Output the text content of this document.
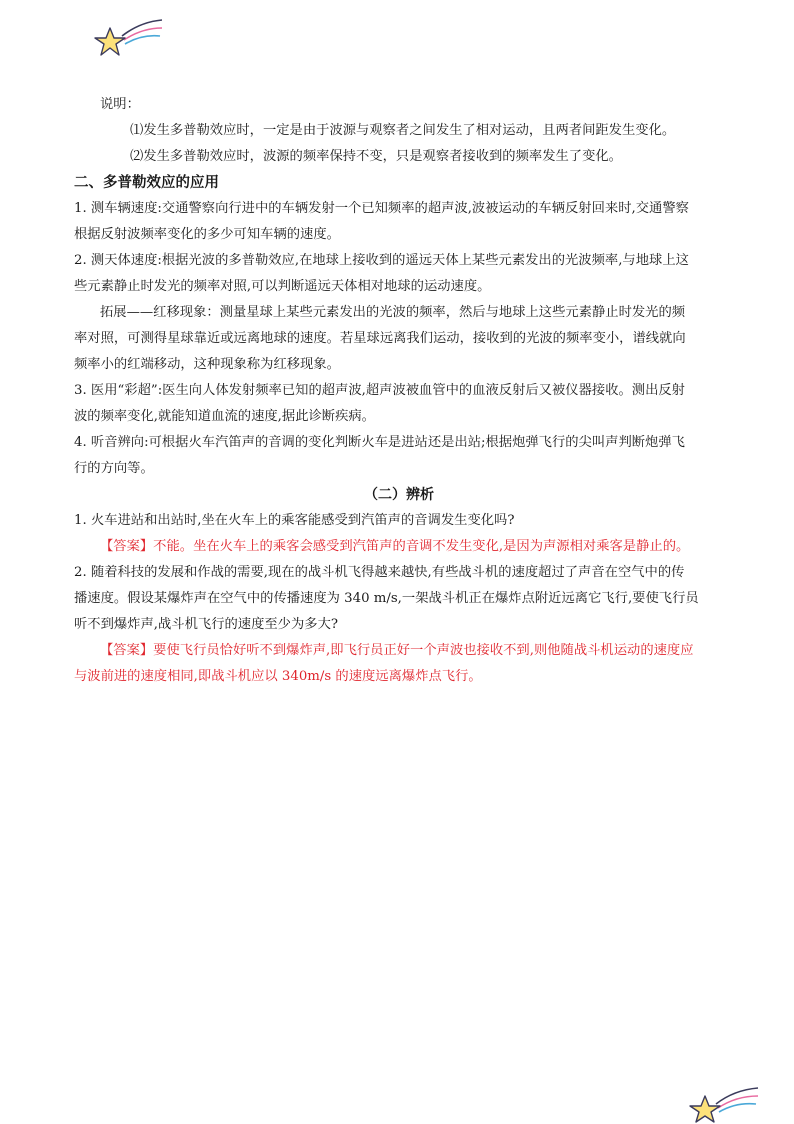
说明：

⑴发生多普勒效应时，一定是由于波源与观察者之间发生了相对运动，且两者间距发生变化。

⑵发生多普勒效应时，波源的频率保持不变，只是观察者接收到的频率发生了变化。

二、多普勒效应的应用

1. 测车辆速度:交通警察向行进中的车辆发射一个已知频率的超声波,波被运动的车辆反射回来时,交通警察

根据反射波频率变化的多少可知车辆的速度。

2. 测天体速度:根据光波的多普勒效应,在地球上接收到的遥远天体上某些元素发出的光波频率,与地球上这

些元素静止时发光的频率对照,可以判断遥远天体相对地球的运动速度。

拓展——红移现象：测量星球上某些元素发出的光波的频率，然后与地球上这些元素静止时发光的频

率对照，可测得星球靠近或远离地球的速度。若星球远离我们运动，接收到的光波的频率变小，谱线就向

频率小的红端移动，这种现象称为红移现象。

3. 医用“彩超”:医生向人体发射频率已知的超声波,超声波被血管中的血液反射后又被仪器接收。测出反射

波的频率变化,就能知道血流的速度,据此诊断疾病。

4. 听音辨向:可根据火车汽笛声的音调的变化判断火车是进站还是出站;根据炮弹飞行的尖叫声判断炮弹飞

行的方向等。

（二）辨析

1. 火车进站和出站时,坐在火车上的乘客能感受到汽笛声的音调发生变化吗?

【答案】不能。坐在火车上的乘客会感受到汽笛声的音调不发生变化,是因为声源相对乘客是静止的。

2. 随着科技的发展和作战的需要,现在的战斗机飞得越来越快,有些战斗机的速度超过了声音在空气中的传

播速度。假设某爆炸声在空气中的传播速度为 340 m/s,一架战斗机正在爆炸点附近远离它飞行,要使飞行员

听不到爆炸声,战斗机飞行的速度至少为多大?

【答案】要使飞行员恰好听不到爆炸声,即飞行员正好一个声波也接收不到,则他随战斗机运动的速度应

与波前进的速度相同,即战斗机应以 340m/s 的速度远离爆炸点飞行。
